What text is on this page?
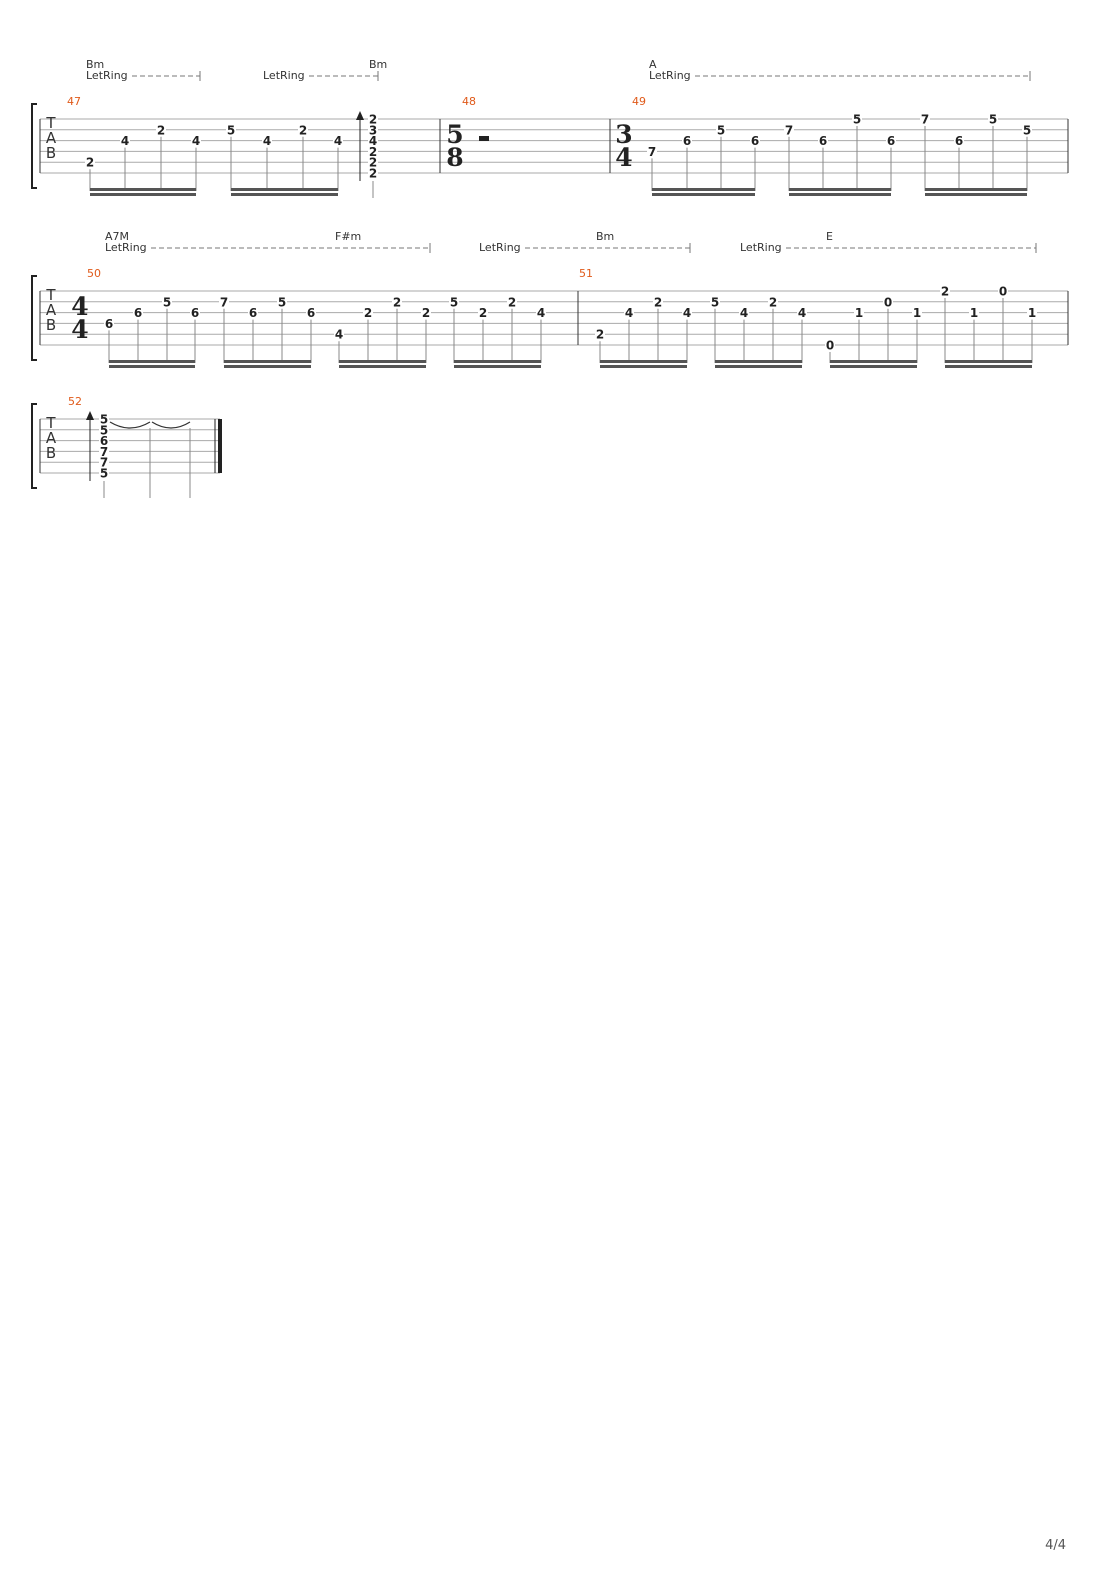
T
A
B
47
Bm	Bm
LetRing	LetRing
2
4
2
4
5
4
2
4
2
3
4
2
2
2
48
5
8
49
3
4
A
LetRing
7
6
5
6
7
6
5
6
7
6
5
5
T
A
B
50
4
4
A7M	F#m
LetRing
6
6
5
6
7
6
5
6
4
2
2
2
5
2
2
4
51
Bm	E
LetRing	LetRing
2
4
2
4
5
4
2
4
0
1
0
1
2
1
0
1
T
A
B
52
5
5
6
7
7
5
4/4
